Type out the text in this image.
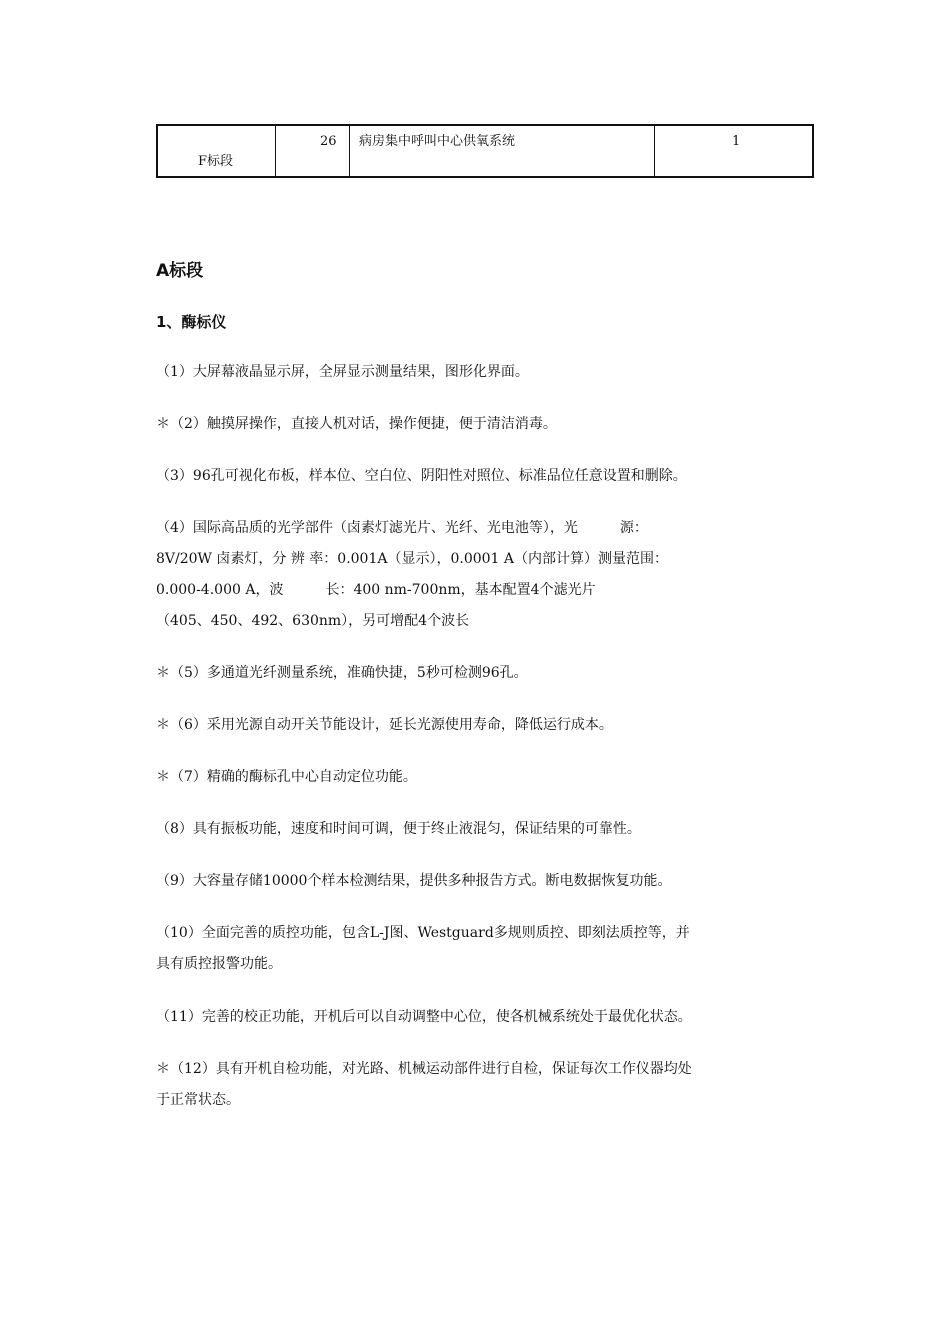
F标段
26 病房集中呼叫中心供氧系统	1
A标段
1、酶标仪
（1）大屏幕液晶显示屏，全屏显示测量结果，图形化界面。
＊（2）触摸屏操作，直接人机对话，操作便捷，便于清洁消毒。
（3）96孔可视化布板，样本位、空白位、阴阳性对照位、标准品位任意设置和删除。
（4）国际高品质的光学部件（卤素灯滤光片、光纤、光电池等），光　　　源：
8V/20W 卤素灯，分 辨 率：0.001A（显示），0.0001 A（内部计算）测量范围：
0.000-4.000 A，波　　　长：400 nm-700nm，基本配置4个滤光片
（405、450、492、630nm），另可增配4个波长
＊（5）多通道光纤测量系统，准确快捷，5秒可检测96孔。
＊（6）采用光源自动开关节能设计，延长光源使用寿命，降低运行成本。
＊（7）精确的酶标孔中心自动定位功能。
（8）具有振板功能，速度和时间可调，便于终止液混匀，保证结果的可靠性。
（9）大容量存储10000个样本检测结果，提供多种报告方式。断电数据恢复功能。
（10）全面完善的质控功能，包含L-J图、Westguard多规则质控、即刻法质控等，并
具有质控报警功能。
（11）完善的校正功能，开机后可以自动调整中心位，使各机械系统处于最优化状态。
＊（12）具有开机自检功能，对光路、机械运动部件进行自检，保证每次工作仪器均处
于正常状态。
